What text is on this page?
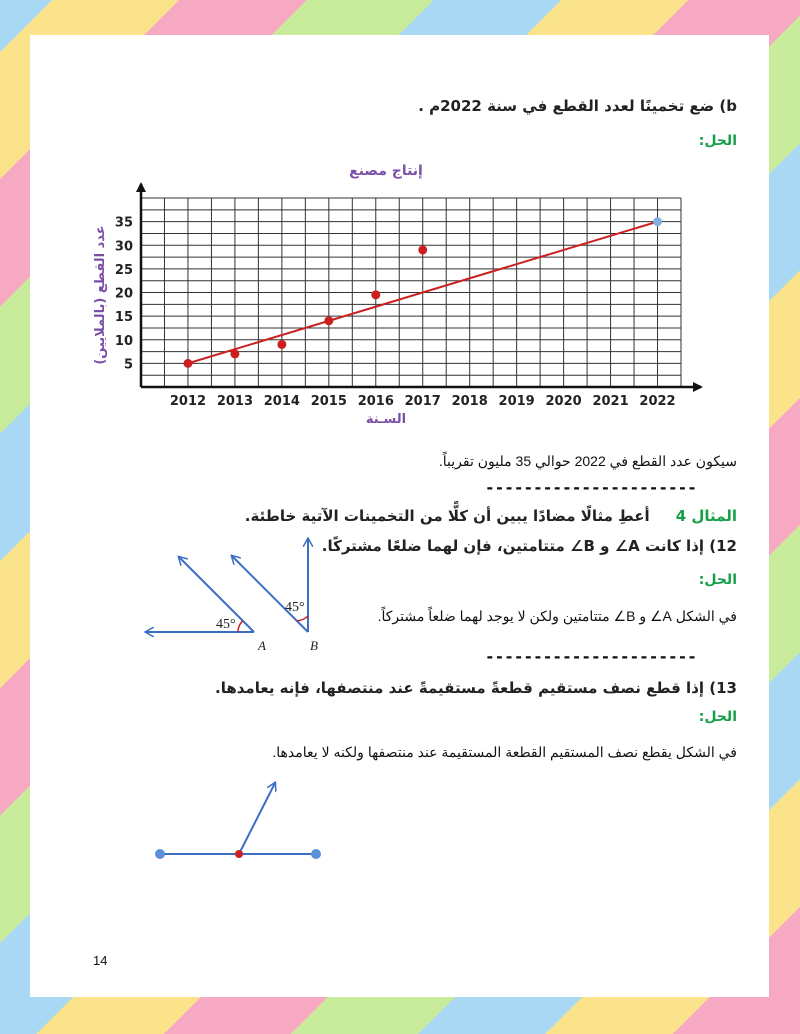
b) ضع تخمينًا لعدد القطع في سنة 2022م .
الحل:
إنتاج مصنع
2012 2013 2014 2015 2016 2017 2018 2019 2020 2021 2022
5
10
15
20
25
30
35
السـنة
عدد القطع (بالملايين)
سيكون عدد القطع في 2022 حوالي 35 مليون تقريباً.
----------------------
المثال 4     أعطِ مثالًا مضادًا يبين أن كلًّا من التخمينات الآتية خاطئة.
12) إذا كانت A∠ و B∠ متتامتين، فإن لهما ضلعًا مشتركًا.
الحل:
في الشكل A∠ و B∠ متتامتين ولكن لا يوجد لهما ضلعاً مشتركاً.
45°
A
45°
B
----------------------
13) إذا قطع نصف مستقيم قطعةً مستقيمةً عند منتصفها، فإنه يعامدها.
الحل:
في الشكل يقطع نصف المستقيم القطعة المستقيمة عند منتصفها ولكنه لا يعامدها.
14
